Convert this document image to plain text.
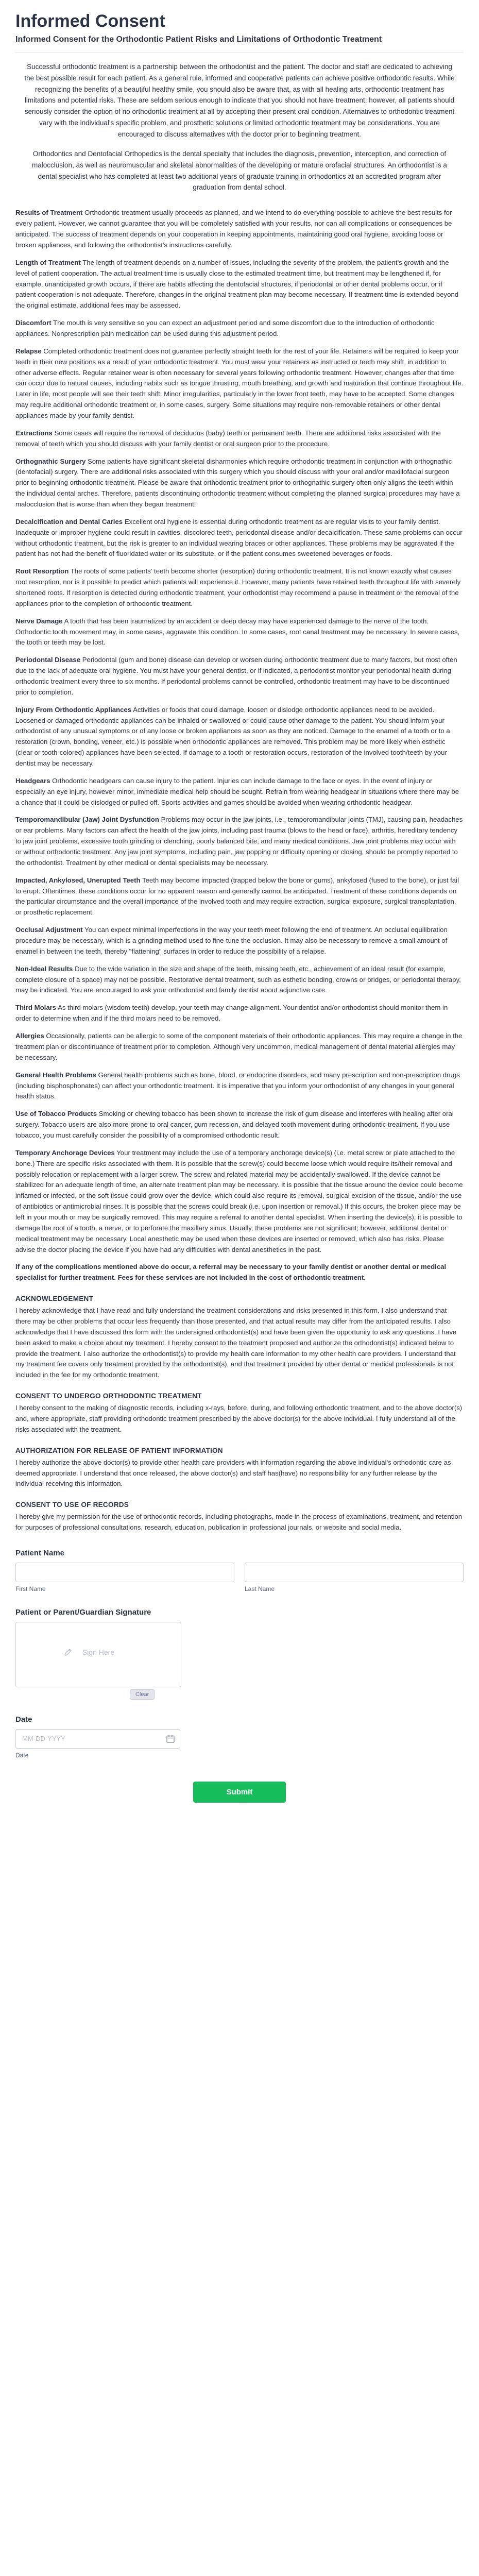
Informed Consent
Informed Consent for the Orthodontic Patient Risks and Limitations of Orthodontic Treatment

Successful orthodontic treatment is a partnership between the orthodontist and the patient. The doctor and staff are dedicated to achieving the best possible result for each patient. As a general rule, informed and cooperative patients can achieve positive orthodontic results. While recognizing the benefits of a beautiful healthy smile, you should also be aware that, as with all healing arts, orthodontic treatment has limitations and potential risks. These are seldom serious enough to indicate that you should not have treatment; however, all patients should seriously consider the option of no orthodontic treatment at all by accepting their present oral condition. Alternatives to orthodontic treatment vary with the individual's specific problem, and prosthetic solutions or limited orthodontic treatment may be considerations. You are encouraged to discuss alternatives with the doctor prior to beginning treatment.

Orthodontics and Dentofacial Orthopedics is the dental specialty that includes the diagnosis, prevention, interception, and correction of malocclusion, as well as neuromuscular and skeletal abnormalities of the developing or mature orofacial structures. An orthodontist is a dental specialist who has completed at least two additional years of graduate training in orthodontics at an accredited program after graduation from dental school.

Results of Treatment Orthodontic treatment usually proceeds as planned, and we intend to do everything possible to achieve the best results for every patient. However, we cannot guarantee that you will be completely satisfied with your results, nor can all complications or consequences be anticipated. The success of treatment depends on your cooperation in keeping appointments, maintaining good oral hygiene, avoiding loose or broken appliances, and following the orthodontist's instructions carefully.

Length of Treatment The length of treatment depends on a number of issues, including the severity of the problem, the patient's growth and the level of patient cooperation. The actual treatment time is usually close to the estimated treatment time, but treatment may be lengthened if, for example, unanticipated growth occurs, if there are habits affecting the dentofacial structures, if periodontal or other dental problems occur, or if patient cooperation is not adequate. Therefore, changes in the original treatment plan may become necessary. If treatment time is extended beyond the original estimate, additional fees may be assessed.

Discomfort The mouth is very sensitive so you can expect an adjustment period and some discomfort due to the introduction of orthodontic appliances. Nonprescription pain medication can be used during this adjustment period.

Relapse Completed orthodontic treatment does not guarantee perfectly straight teeth for the rest of your life. Retainers will be required to keep your teeth in their new positions as a result of your orthodontic treatment. You must wear your retainers as instructed or teeth may shift, in addition to other adverse effects. Regular retainer wear is often necessary for several years following orthodontic treatment. However, changes after that time can occur due to natural causes, including habits such as tongue thrusting, mouth breathing, and growth and maturation that continue throughout life. Later in life, most people will see their teeth shift. Minor irregularities, particularly in the lower front teeth, may have to be accepted. Some changes may require additional orthodontic treatment or, in some cases, surgery. Some situations may require non-removable retainers or other dental appliances made by your family dentist.

Extractions Some cases will require the removal of deciduous (baby) teeth or permanent teeth. There are additional risks associated with the removal of teeth which you should discuss with your family dentist or oral surgeon prior to the procedure.

Orthognathic Surgery Some patients have significant skeletal disharmonies which require orthodontic treatment in conjunction with orthognathic (dentofacial) surgery. There are additional risks associated with this surgery which you should discuss with your oral and/or maxillofacial surgeon prior to beginning orthodontic treatment. Please be aware that orthodontic treatment prior to orthognathic surgery often only aligns the teeth within the individual dental arches. Therefore, patients discontinuing orthodontic treatment without completing the planned surgical procedures may have a malocclusion that is worse than when they began treatment!

Decalcification and Dental Caries Excellent oral hygiene is essential during orthodontic treatment as are regular visits to your family dentist. Inadequate or improper hygiene could result in cavities, discolored teeth, periodontal disease and/or decalcification. These same problems can occur without orthodontic treatment, but the risk is greater to an individual wearing braces or other appliances. These problems may be aggravated if the patient has not had the benefit of fluoridated water or its substitute, or if the patient consumes sweetened beverages or foods.

Root Resorption The roots of some patients' teeth become shorter (resorption) during orthodontic treatment. It is not known exactly what causes root resorption, nor is it possible to predict which patients will experience it. However, many patients have retained teeth throughout life with severely shortened roots. If resorption is detected during orthodontic treatment, your orthodontist may recommend a pause in treatment or the removal of the appliances prior to the completion of orthodontic treatment.

Nerve Damage A tooth that has been traumatized by an accident or deep decay may have experienced damage to the nerve of the tooth. Orthodontic tooth movement may, in some cases, aggravate this condition. In some cases, root canal treatment may be necessary. In severe cases, the tooth or teeth may be lost.

Periodontal Disease Periodontal (gum and bone) disease can develop or worsen during orthodontic treatment due to many factors, but most often due to the lack of adequate oral hygiene. You must have your general dentist, or if indicated, a periodontist monitor your periodontal health during orthodontic treatment every three to six months. If periodontal problems cannot be controlled, orthodontic treatment may have to be discontinued prior to completion.

Injury From Orthodontic Appliances Activities or foods that could damage, loosen or dislodge orthodontic appliances need to be avoided. Loosened or damaged orthodontic appliances can be inhaled or swallowed or could cause other damage to the patient. You should inform your orthodontist of any unusual symptoms or of any loose or broken appliances as soon as they are noticed. Damage to the enamel of a tooth or to a restoration (crown, bonding, veneer, etc.) is possible when orthodontic appliances are removed. This problem may be more likely when esthetic (clear or tooth-colored) appliances have been selected. If damage to a tooth or restoration occurs, restoration of the involved tooth/teeth by your dentist may be necessary.

Headgears Orthodontic headgears can cause injury to the patient. Injuries can include damage to the face or eyes. In the event of injury or especially an eye injury, however minor, immediate medical help should be sought. Refrain from wearing headgear in situations where there may be a chance that it could be dislodged or pulled off. Sports activities and games should be avoided when wearing orthodontic headgear.

Temporomandibular (Jaw) Joint Dysfunction Problems may occur in the jaw joints, i.e., temporomandibular joints (TMJ), causing pain, headaches or ear problems. Many factors can affect the health of the jaw joints, including past trauma (blows to the head or face), arthritis, hereditary tendency to jaw joint problems, excessive tooth grinding or clenching, poorly balanced bite, and many medical conditions. Jaw joint problems may occur with or without orthodontic treatment. Any jaw joint symptoms, including pain, jaw popping or difficulty opening or closing, should be promptly reported to the orthodontist. Treatment by other medical or dental specialists may be necessary.

Impacted, Ankylosed, Unerupted Teeth Teeth may become impacted (trapped below the bone or gums), ankylosed (fused to the bone), or just fail to erupt. Oftentimes, these conditions occur for no apparent reason and generally cannot be anticipated. Treatment of these conditions depends on the particular circumstance and the overall importance of the involved tooth and may require extraction, surgical exposure, surgical transplantation, or prosthetic replacement.

Occlusal Adjustment You can expect minimal imperfections in the way your teeth meet following the end of treatment. An occlusal equilibration procedure may be necessary, which is a grinding method used to fine-tune the occlusion. It may also be necessary to remove a small amount of enamel in between the teeth, thereby "flattening" surfaces in order to reduce the possibility of a relapse.

Non-Ideal Results Due to the wide variation in the size and shape of the teeth, missing teeth, etc., achievement of an ideal result (for example, complete closure of a space) may not be possible. Restorative dental treatment, such as esthetic bonding, crowns or bridges, or periodontal therapy, may be indicated. You are encouraged to ask your orthodontist and family dentist about adjunctive care.

Third Molars As third molars (wisdom teeth) develop, your teeth may change alignment. Your dentist and/or orthodontist should monitor them in order to determine when and if the third molars need to be removed.

Allergies Occasionally, patients can be allergic to some of the component materials of their orthodontic appliances. This may require a change in the treatment plan or discontinuance of treatment prior to completion. Although very uncommon, medical management of dental material allergies may be necessary.

General Health Problems General health problems such as bone, blood, or endocrine disorders, and many prescription and non-prescription drugs (including bisphosphonates) can affect your orthodontic treatment. It is imperative that you inform your orthodontist of any changes in your general health status.

Use of Tobacco Products Smoking or chewing tobacco has been shown to increase the risk of gum disease and interferes with healing after oral surgery. Tobacco users are also more prone to oral cancer, gum recession, and delayed tooth movement during orthodontic treatment. If you use tobacco, you must carefully consider the possibility of a compromised orthodontic result.

Temporary Anchorage Devices Your treatment may include the use of a temporary anchorage device(s) (i.e. metal screw or plate attached to the bone.) There are specific risks associated with them. It is possible that the screw(s) could become loose which would require its/their removal and possibly relocation or replacement with a larger screw. The screw and related material may be accidentally swallowed. If the device cannot be stabilized for an adequate length of time, an alternate treatment plan may be necessary. It is possible that the tissue around the device could become inflamed or infected, or the soft tissue could grow over the device, which could also require its removal, surgical excision of the tissue, and/or the use of antibiotics or antimicrobial rinses. It is possible that the screws could break (i.e. upon insertion or removal.) If this occurs, the broken piece may be left in your mouth or may be surgically removed. This may require a referral to another dental specialist. When inserting the device(s), it is possible to damage the root of a tooth, a nerve, or to perforate the maxillary sinus. Usually, these problems are not significant; however, additional dental or medical treatment may be necessary. Local anesthetic may be used when these devices are inserted or removed, which also has risks. Please advise the doctor placing the device if you have had any difficulties with dental anesthetics in the past.

If any of the complications mentioned above do occur, a referral may be necessary to your family dentist or another dental or medical specialist for further treatment. Fees for these services are not included in the cost of orthodontic treatment.

ACKNOWLEDGEMENT

I hereby acknowledge that I have read and fully understand the treatment considerations and risks presented in this form. I also understand that there may be other problems that occur less frequently than those presented, and that actual results may differ from the anticipated results. I also acknowledge that I have discussed this form with the undersigned orthodontist(s) and have been given the opportunity to ask any questions. I have been asked to make a choice about my treatment. I hereby consent to the treatment proposed and authorize the orthodontist(s) indicated below to provide the treatment. I also authorize the orthodontist(s) to provide my health care information to my other health care providers. I understand that my treatment fee covers only treatment provided by the orthodontist(s), and that treatment provided by other dental or medical professionals is not included in the fee for my orthodontic treatment.

CONSENT TO UNDERGO ORTHODONTIC TREATMENT

I hereby consent to the making of diagnostic records, including x-rays, before, during, and following orthodontic treatment, and to the above doctor(s) and, where appropriate, staff providing orthodontic treatment prescribed by the above doctor(s) for the above individual. I fully understand all of the risks associated with the treatment.

AUTHORIZATION FOR RELEASE OF PATIENT INFORMATION

I hereby authorize the above doctor(s) to provide other health care providers with information regarding the above individual's orthodontic care as deemed appropriate. I understand that once released, the above doctor(s) and staff has(have) no responsibility for any further release by the individual receiving this information.

CONSENT TO USE OF RECORDS

I hereby give my permission for the use of orthodontic records, including photographs, made in the process of examinations, treatment, and retention for purposes of professional consultations, research, education, publication in professional journals, or website and social media.

Patient Name
First Name	Last Name
Patient or Parent/Guardian Signature
Sign Here
Clear
Date
MM-DD-YYYY
Date
Submit
